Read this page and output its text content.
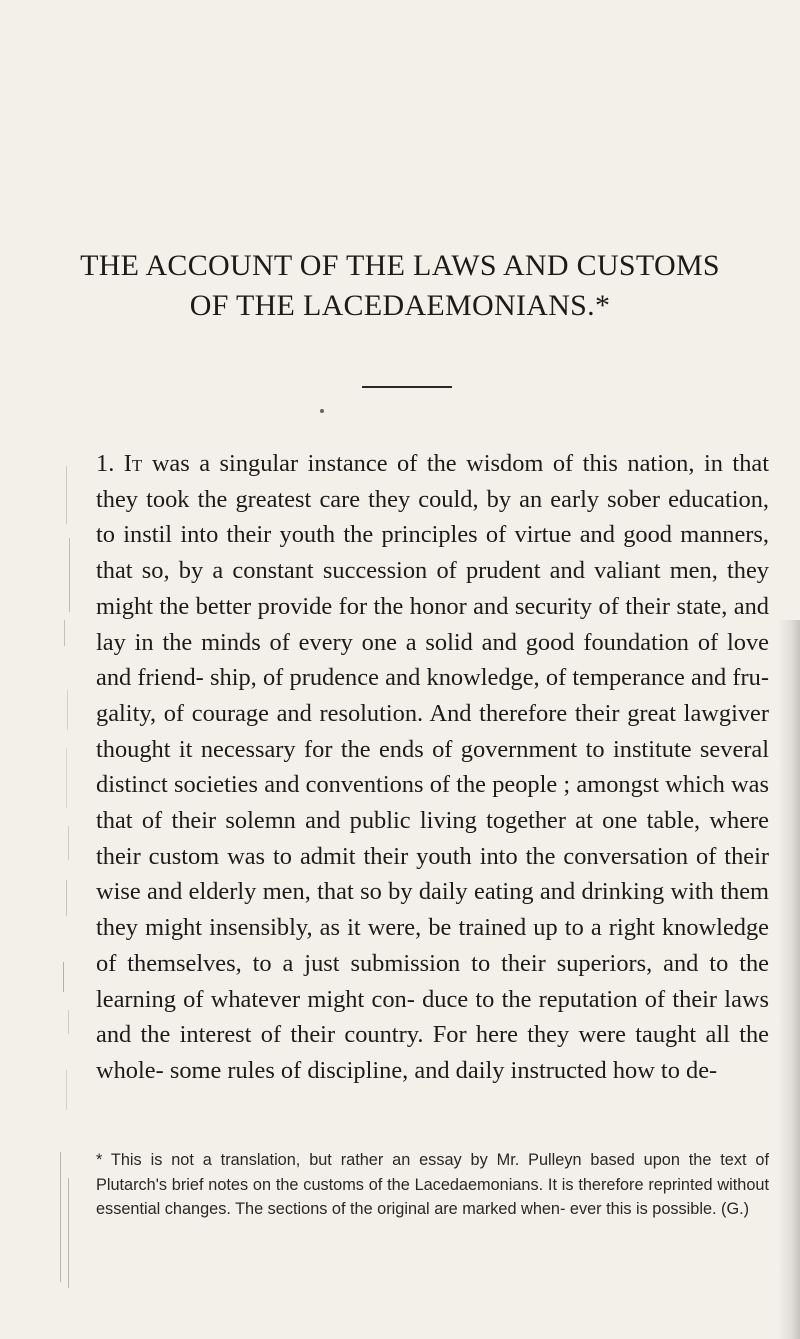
THE ACCOUNT OF THE LAWS AND CUSTOMS
OF THE LACEDAEMONIANS.*

1. It was a singular instance of the wisdom of this nation, in that they took the greatest care they could, by an early sober education, to instil into their youth the principles of virtue and good manners, that so, by a constant succession of prudent and valiant men, they might the better provide for the honor and security of their state, and lay in the minds of every one a solid and good foundation of love and friend- ship, of prudence and knowledge, of temperance and fru- gality, of courage and resolution. And therefore their great lawgiver thought it necessary for the ends of government to institute several distinct societies and conventions of the people ; amongst which was that of their solemn and public living together at one table, where their custom was to admit their youth into the conversation of their wise and elderly men, that so by daily eating and drinking with them they might insensibly, as it were, be trained up to a right knowledge of themselves, to a just submission to their superiors, and to the learning of whatever might con- duce to the reputation of their laws and the interest of their country. For here they were taught all the whole- some rules of discipline, and daily instructed how to de-

* This is not a translation, but rather an essay by Mr. Pulleyn based upon the text of Plutarch's brief notes on the customs of the Lacedaemonians. It is therefore reprinted without essential changes. The sections of the original are marked when- ever this is possible. (G.)
